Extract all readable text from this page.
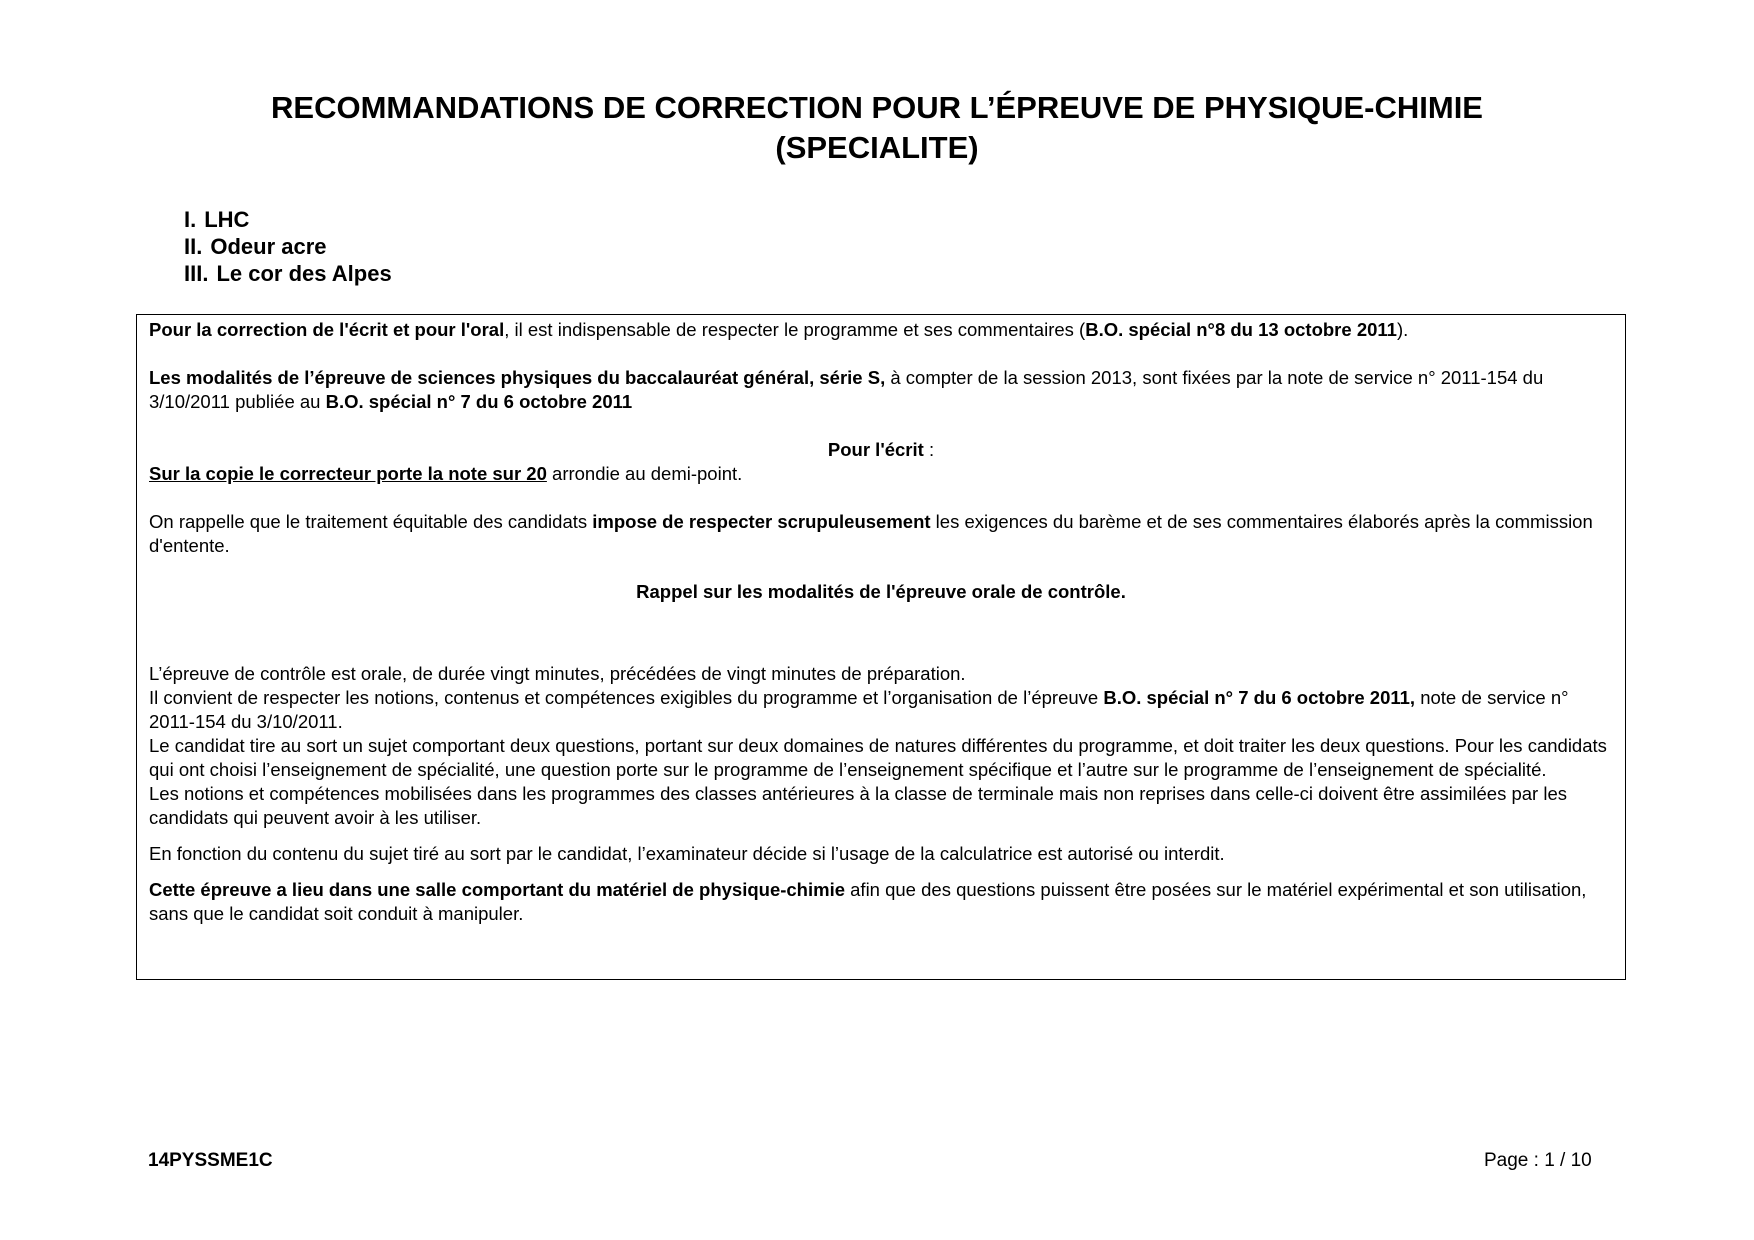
RECOMMANDATIONS DE CORRECTION POUR L’ÉPREUVE DE PHYSIQUE-CHIMIE
(SPECIALITE)
I. LHC
II. Odeur acre
III. Le cor des Alpes

Pour la correction de l'écrit et pour l'oral, il est indispensable de respecter le programme et ses commentaires (B.O. spécial n°8 du 13 octobre 2011).

Les modalités de l’épreuve de sciences physiques du baccalauréat général, série S, à compter de la session 2013, sont fixées par la note de service n° 2011-154 du 3/10/2011 publiée au B.O. spécial n° 7 du 6 octobre 2011

Pour l'écrit :

Sur la copie le correcteur porte la note sur 20 arrondie au demi-point.

On rappelle que le traitement équitable des candidats impose de respecter scrupuleusement les exigences du barème et de ses commentaires élaborés après la commission d'entente.

Rappel sur les modalités de l'épreuve orale de contrôle.

L’épreuve de contrôle est orale, de durée vingt minutes, précédées de vingt minutes de préparation.

Il convient de respecter les notions, contenus et compétences exigibles du programme et l’organisation de l’épreuve B.O. spécial n° 7 du 6 octobre 2011, note de service n° 2011-154 du 3/10/2011.

Le candidat tire au sort un sujet comportant deux questions, portant sur deux domaines de natures différentes du programme, et doit traiter les deux questions. Pour les candidats qui ont choisi l’enseignement de spécialité, une question porte sur le programme de l’enseignement spécifique et l’autre sur le programme de l’enseignement de spécialité.

Les notions et compétences mobilisées dans les programmes des classes antérieures à la classe de terminale mais non reprises dans celle-ci doivent être assimilées par les candidats qui peuvent avoir à les utiliser.

En fonction du contenu du sujet tiré au sort par le candidat, l’examinateur décide si l’usage de la calculatrice est autorisé ou interdit.

Cette épreuve a lieu dans une salle comportant du matériel de physique-chimie afin que des questions puissent être posées sur le matériel expérimental et son utilisation, sans que le candidat soit conduit à manipuler.

14PYSSME1C	Page : 1 / 10
